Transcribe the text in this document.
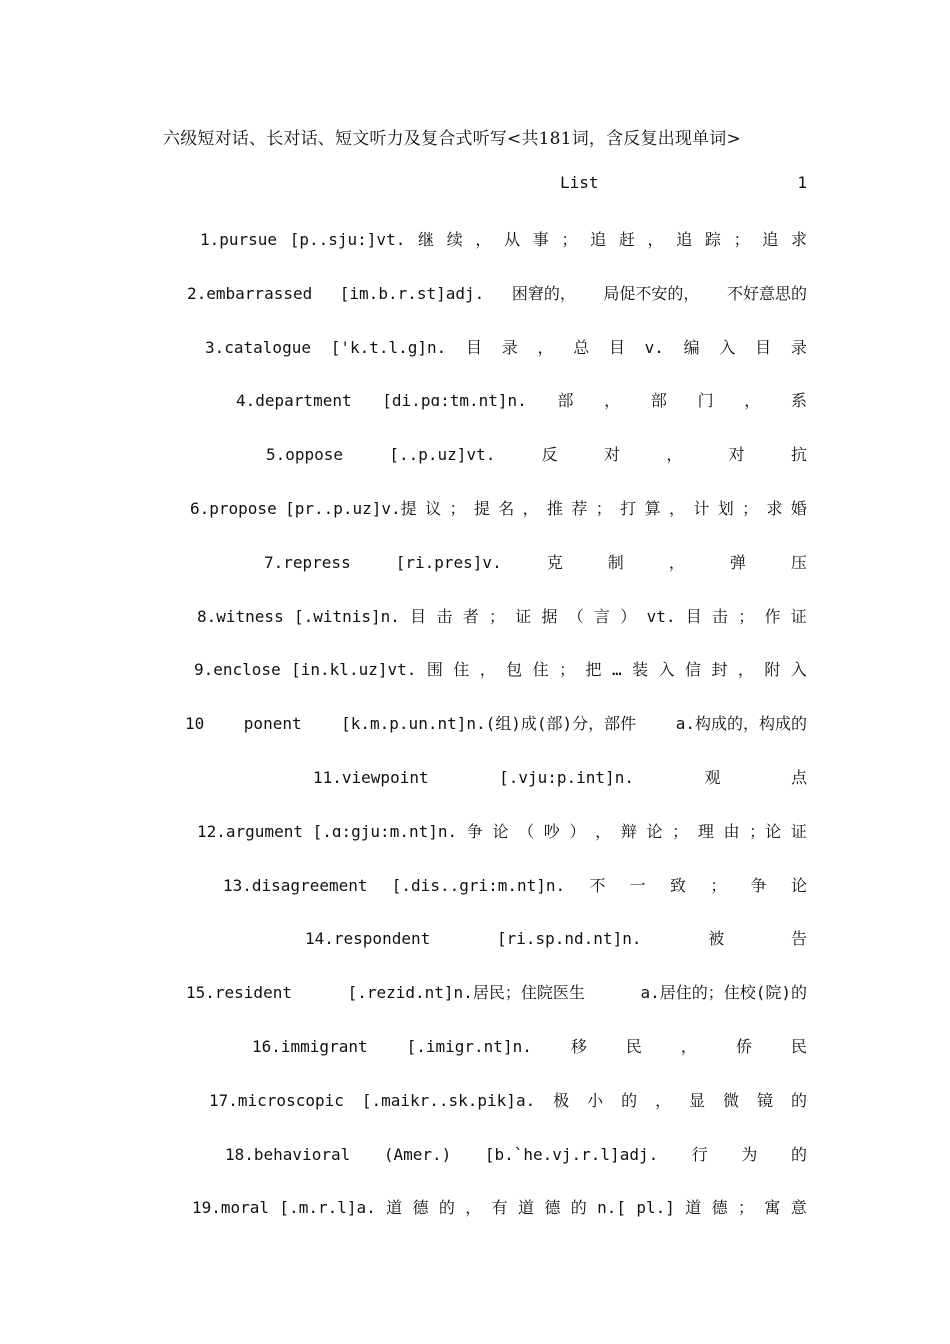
六级短对话、长对话、短文听力及复合式听写<共181词，含反复出现单词>
List	1
1.pursue [p..sju:]vt. 继 续 ， 从 事 ； 追 赶 ， 追 踪 ； 追 求
2.embarrassed [im.b.r.st]adj. 困窘的， 局促不安的， 不好意思的
3.catalogue ['k.t.l.g]n. 目 录 ， 总 目 v. 编 入 目 录
4.department [di.pɑ:tm.nt]n. 部 ， 部 门 ， 系
5.oppose	[..p.uz]vt.	反	对	，	对	抗
6.propose [pr..p.uz]v.提 议 ； 提 名 ， 推 荐 ； 打 算 ， 计 划 ； 求 婚
7.repress	[ri.pres]v.	克	制	，	弹	压
8.witness [.witnis]n. 目 击 者 ； 证 据 （ 言 ） vt. 目 击 ； 作 证
9.enclose [in.kl.uz]vt. 围 住 ， 包 住 ； 把 … 装 入 信 封 ， 附 入
10 ponent [k.m.p.un.nt]n.(组)成(部)分，部件 a.构成的，构成的
11.viewpoint	[.vju:p.int]n.	观	点
12.argument [.ɑ:gju:m.nt]n. 争 论 （ 吵 ） ， 辩 论 ； 理 由 ；论 证
13.disagreement [.dis..gri:m.nt]n. 不 一 致 ； 争 论
14.respondent	[ri.sp.nd.nt]n.	被	告
15.resident	[.rezid.nt]n.居民；住院医生	a.居住的；住校(院)的
16.immigrant [.imigr.nt]n. 移 民 ， 侨 民
17.microscopic [.maikr..sk.pik]a. 极 小 的 ， 显 微 镜 的
18.behavioral (Amer.) [b.`he.vj.r.l]adj. 行 为 的
19.moral [.m.r.l]a. 道 德 的 ， 有 道 德 的 n.[ pl.] 道 德 ； 寓 意
